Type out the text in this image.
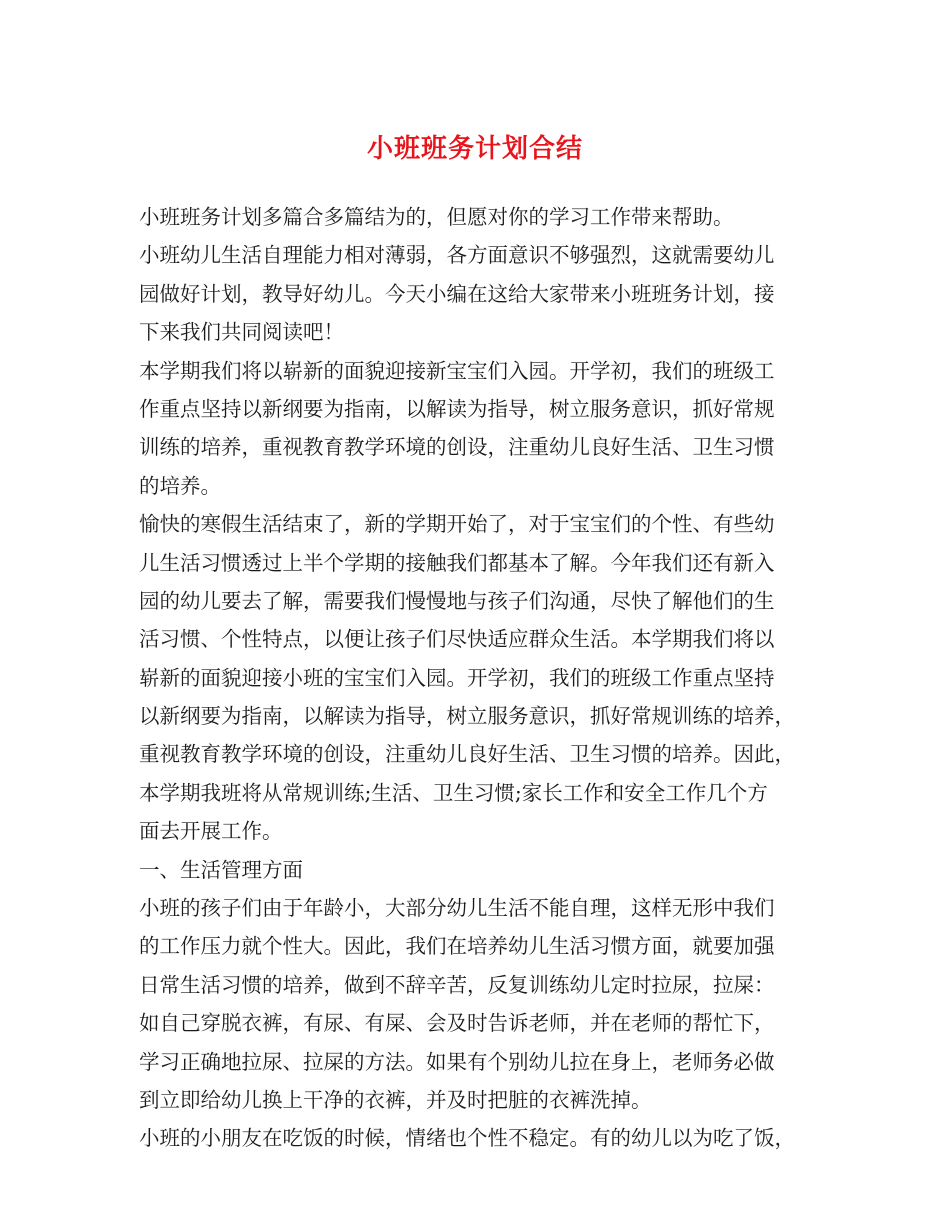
小班班务计划合结
小班班务计划多篇合多篇结为的，但愿对你的学习工作带来帮助。
小班幼儿生活自理能力相对薄弱，各方面意识不够强烈，这就需要幼儿
园做好计划，教导好幼儿。今天小编在这给大家带来小班班务计划，接
下来我们共同阅读吧！
本学期我们将以崭新的面貌迎接新宝宝们入园。开学初，我们的班级工
作重点坚持以新纲要为指南，以解读为指导，树立服务意识，抓好常规
训练的培养，重视教育教学环境的创设，注重幼儿良好生活、卫生习惯
的培养。
愉快的寒假生活结束了，新的学期开始了，对于宝宝们的个性、有些幼
儿生活习惯透过上半个学期的接触我们都基本了解。今年我们还有新入
园的幼儿要去了解，需要我们慢慢地与孩子们沟通，尽快了解他们的生
活习惯、个性特点，以便让孩子们尽快适应群众生活。本学期我们将以
崭新的面貌迎接小班的宝宝们入园。开学初，我们的班级工作重点坚持
以新纲要为指南，以解读为指导，树立服务意识，抓好常规训练的培养，
重视教育教学环境的创设，注重幼儿良好生活、卫生习惯的培养。因此，
本学期我班将从常规训练;生活、卫生习惯;家长工作和安全工作几个方
面去开展工作。
一、生活管理方面
小班的孩子们由于年龄小，大部分幼儿生活不能自理，这样无形中我们
的工作压力就个性大。因此，我们在培养幼儿生活习惯方面，就要加强
日常生活习惯的培养，做到不辞辛苦，反复训练幼儿定时拉尿，拉屎：
如自己穿脱衣裤，有尿、有屎、会及时告诉老师，并在老师的帮忙下，
学习正确地拉尿、拉屎的方法。如果有个别幼儿拉在身上，老师务必做
到立即给幼儿换上干净的衣裤，并及时把脏的衣裤洗掉。
小班的小朋友在吃饭的时候，情绪也个性不稳定。有的幼儿以为吃了饭，
